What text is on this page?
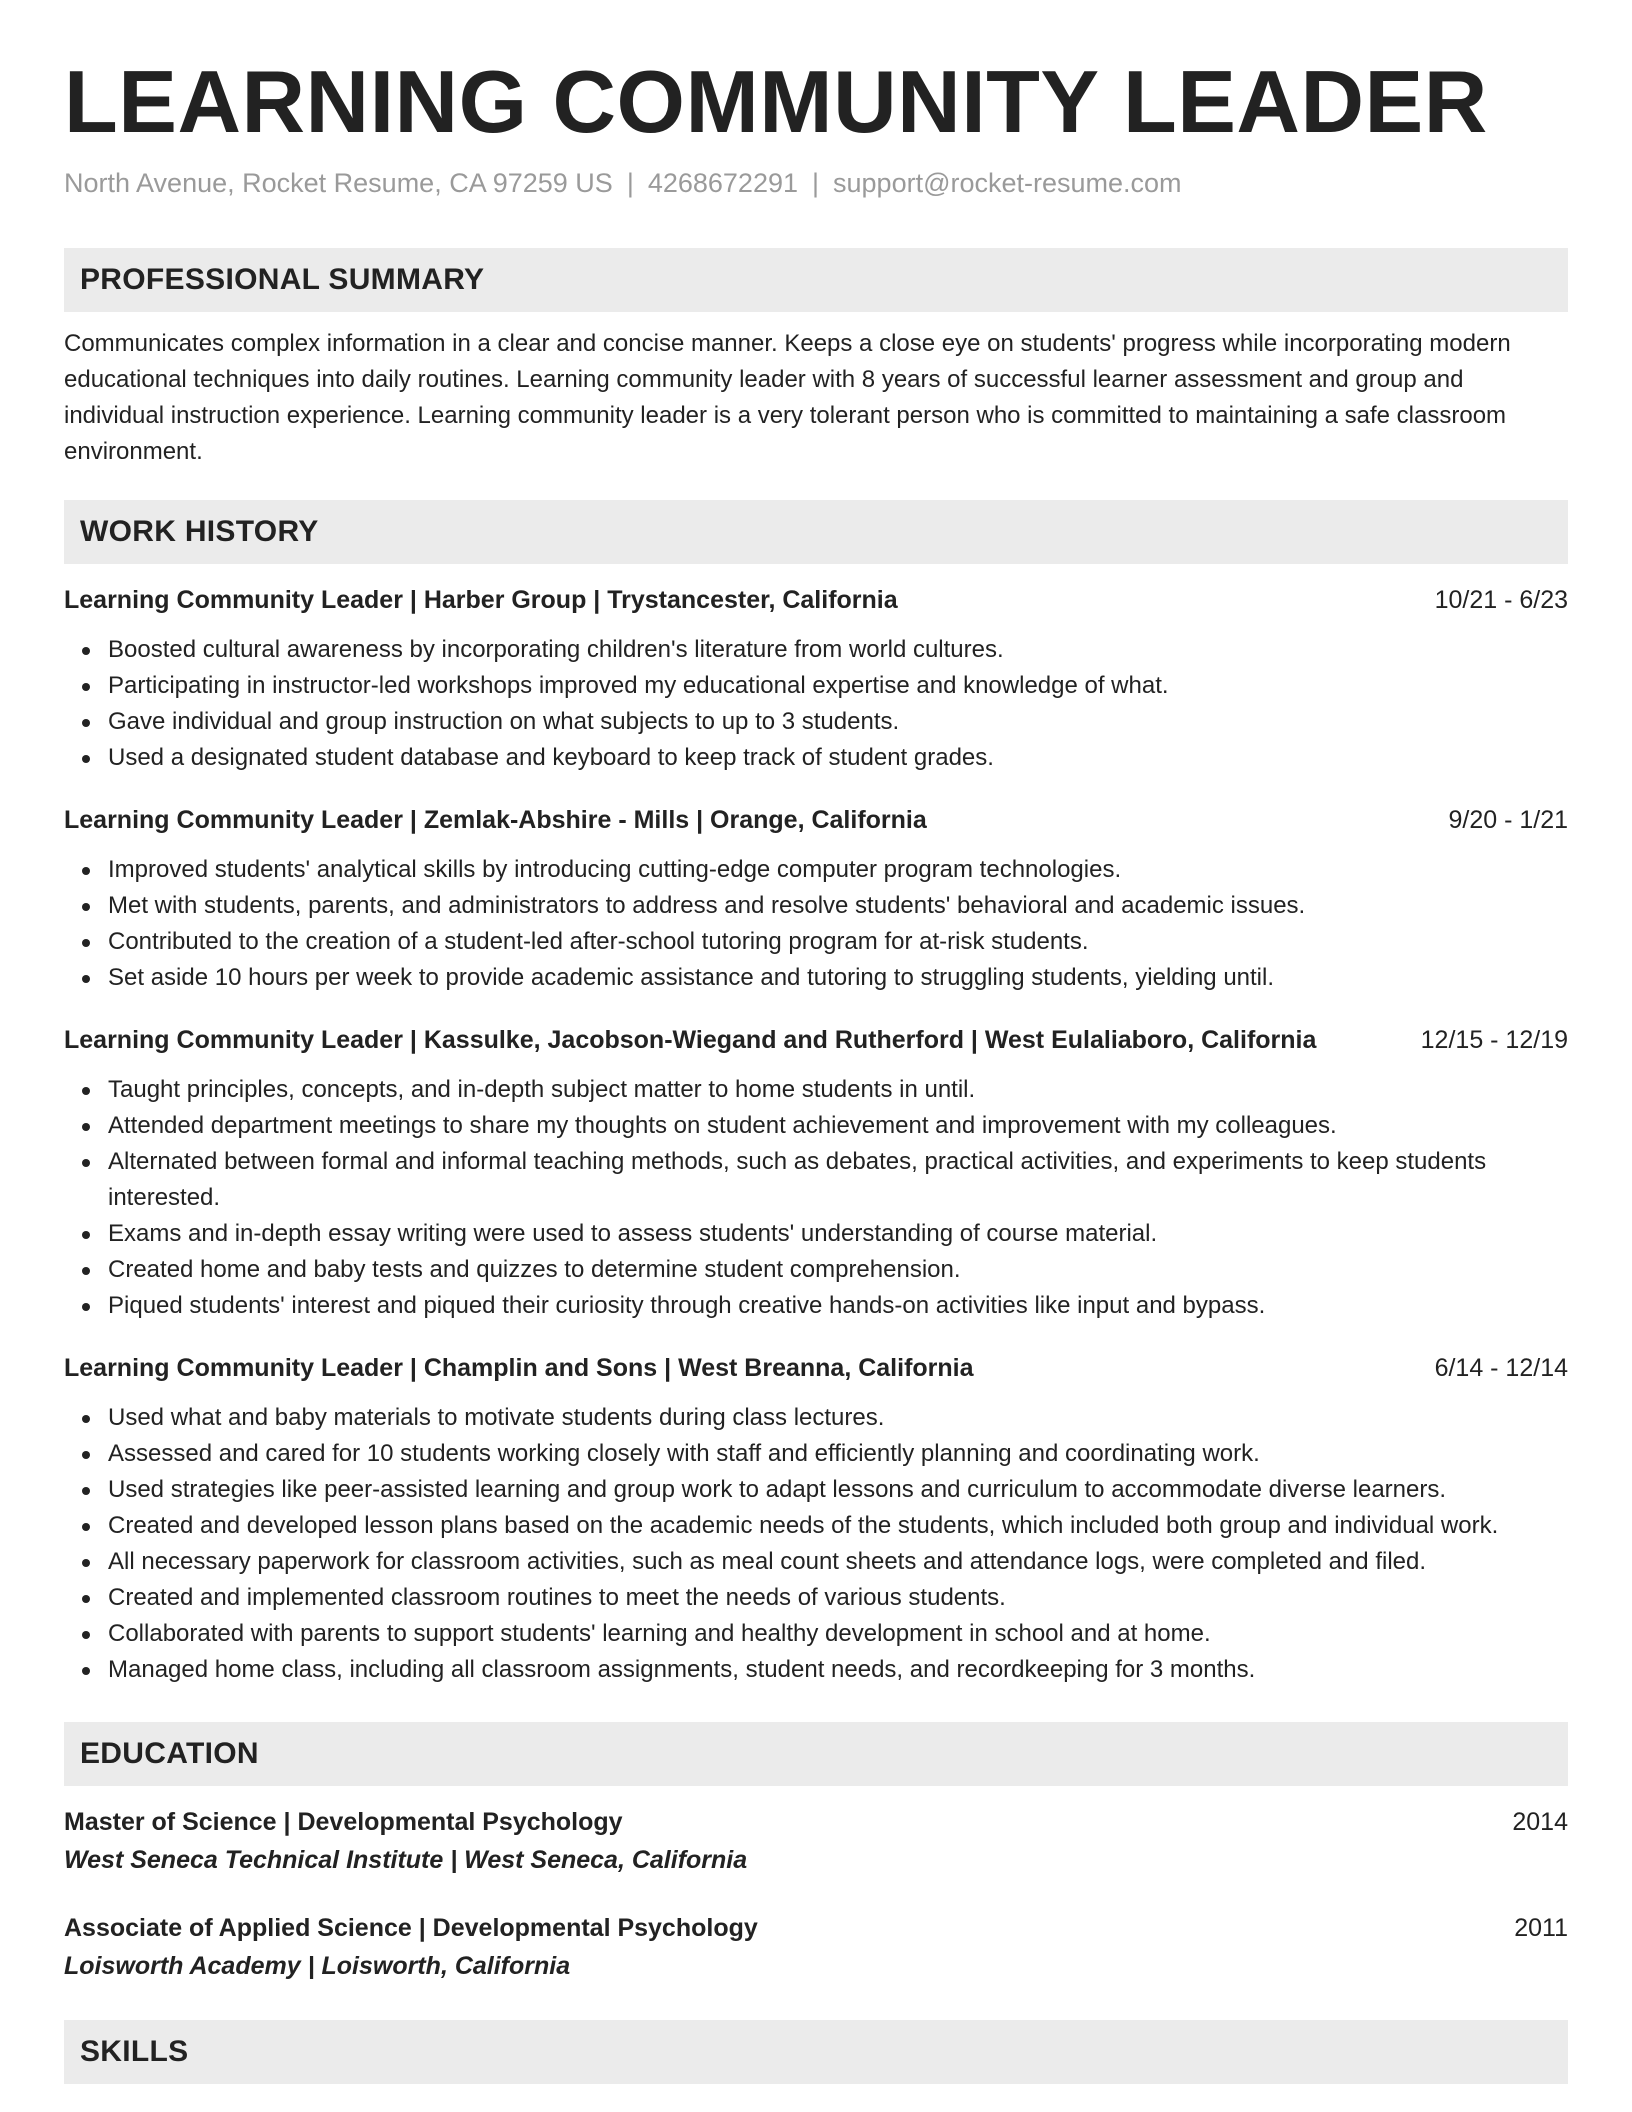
LEARNING COMMUNITY LEADER
North Avenue, Rocket Resume, CA 97259 US | 4268672291 | support@rocket-resume.com
PROFESSIONAL SUMMARY
Communicates complex information in a clear and concise manner. Keeps a close eye on students' progress while incorporating modern educational techniques into daily routines. Learning community leader with 8 years of successful learner assessment and group and individual instruction experience. Learning community leader is a very tolerant person who is committed to maintaining a safe classroom environment.
WORK HISTORY
Learning Community Leader | Harber Group | Trystancester, California	10/21 - 6/23
Boosted cultural awareness by incorporating children's literature from world cultures.
Participating in instructor-led workshops improved my educational expertise and knowledge of what.
Gave individual and group instruction on what subjects to up to 3 students.
Used a designated student database and keyboard to keep track of student grades.
Learning Community Leader | Zemlak-Abshire - Mills | Orange, California	9/20 - 1/21
Improved students' analytical skills by introducing cutting-edge computer program technologies.
Met with students, parents, and administrators to address and resolve students' behavioral and academic issues.
Contributed to the creation of a student-led after-school tutoring program for at-risk students.
Set aside 10 hours per week to provide academic assistance and tutoring to struggling students, yielding until.
Learning Community Leader | Kassulke, Jacobson-Wiegand and Rutherford | West Eulaliaboro, California	12/15 - 12/19
Taught principles, concepts, and in-depth subject matter to home students in until.
Attended department meetings to share my thoughts on student achievement and improvement with my colleagues.
Alternated between formal and informal teaching methods, such as debates, practical activities, and experiments to keep students interested.
Exams and in-depth essay writing were used to assess students' understanding of course material.
Created home and baby tests and quizzes to determine student comprehension.
Piqued students' interest and piqued their curiosity through creative hands-on activities like input and bypass.
Learning Community Leader | Champlin and Sons | West Breanna, California	6/14 - 12/14
Used what and baby materials to motivate students during class lectures.
Assessed and cared for 10 students working closely with staff and efficiently planning and coordinating work.
Used strategies like peer-assisted learning and group work to adapt lessons and curriculum to accommodate diverse learners.
Created and developed lesson plans based on the academic needs of the students, which included both group and individual work.
All necessary paperwork for classroom activities, such as meal count sheets and attendance logs, were completed and filed.
Created and implemented classroom routines to meet the needs of various students.
Collaborated with parents to support students' learning and healthy development in school and at home.
Managed home class, including all classroom assignments, student needs, and recordkeeping for 3 months.
EDUCATION
Master of Science | Developmental Psychology	2014
West Seneca Technical Institute | West Seneca, California
Associate of Applied Science | Developmental Psychology	2011
Loisworth Academy | Loisworth, California
SKILLS
